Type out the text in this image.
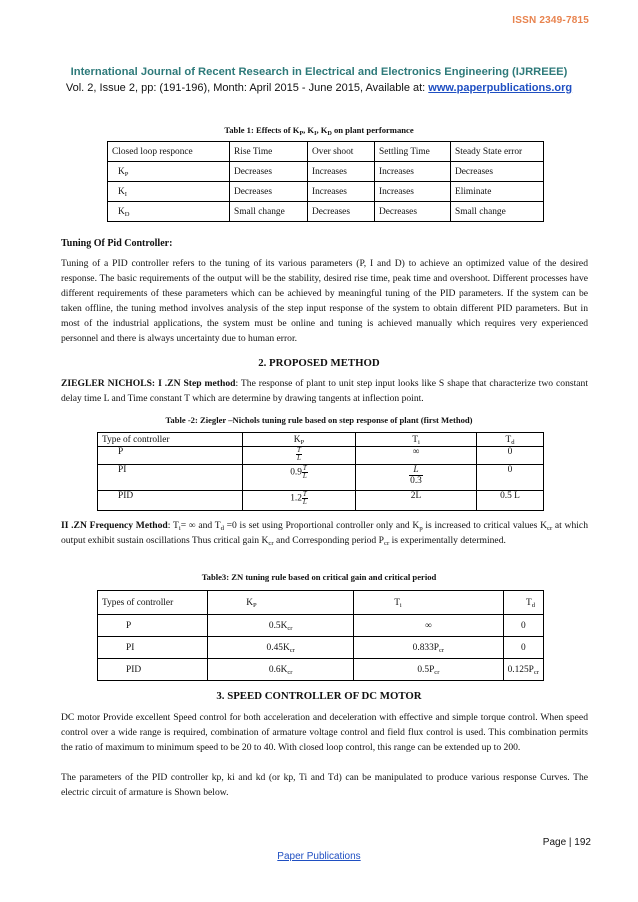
ISSN 2349-7815
International Journal of Recent Research in Electrical and Electronics Engineering (IJRREEE)
Vol. 2, Issue 2, pp: (191-196), Month: April 2015 - June 2015, Available at: www.paperpublications.org
Table 1: Effects of $K_P$, $K_I$, $K_D$ on plant performance
Closed loop responce	Rise Time	Over shoot	Settling Time	Steady State error
$K_P$	Decreases	Increases	Increases	Decreases
$K_I$	Decreases	Increases	Increases	Eliminate
$K_D$	Small change	Decreases	Decreases	Small change
Tuning Of Pid Controller:
Tuning of a PID controller refers to the tuning of its various parameters (P, I and D) to achieve an optimized value of the desired response. The basic requirements of the output will be the stability, desired rise time, peak time and overshoot. Different processes have different requirements of these parameters which can be achieved by meaningful tuning of the PID parameters. If the system can be taken offline, the tuning method involves analysis of the step input response of the system to obtain different PID parameters. But in most of the industrial applications, the system must be online and tuning is achieved manually which requires very experienced personnel and there is always uncertainty due to human error.
2. PROPOSED METHOD
ZIEGLER NICHOLS: I .ZN Step method: The response of plant to unit step input looks like S shape that characterize two constant delay time L and Time constant T which are determine by drawing tangents at inflection point.
Table -2: Ziegler –Nichols tuning rule based on step response of plant (first Method)
Type of controller	$K_P$	$T_i$	$T_d$
P	$\frac{T}{L}$	∞	0
PI	$0.9 \frac{T}{L}$	$\frac{L}{0.3}$	0
PID	$1.2 \frac{T}{L}$	2L	0.5 L
II .ZN Frequency Method: $T_i=$ ∞ and $T_d =0$ is set using Proportional controller only and $K_p$ is increased to critical values $K_{cr}$ at which output exhibit sustain oscillations Thus critical gain $K_{cr}$ and Corresponding period $P_{cr}$ is experimentally determined.
Table3: ZN tuning rule based on critical gain and critical period
Types of controller	$K_P$	$T_i$	$T_d$
P	$0.5K_{cr}$	∞	0
PI	$0.45K_{cr}$	$0.833P_{cr}$	0
PID	$0.6K_{cr}$	$0.5P_{cr}$	$0.125P_{cr}$
3. SPEED CONTROLLER OF DC MOTOR
DC motor Provide excellent Speed control for both acceleration and deceleration with effective and simple torque control. When speed control over a wide range is required, combination of armature voltage control and field flux control is used. This combination permits the ratio of maximum to minimum speed to be 20 to 40. With closed loop control, this range can be extended up to 200.
The parameters of the PID controller kp, ki and kd (or kp, Ti and Td) can be manipulated to produce various response Curves. The electric circuit of armature is Shown below.
Page | 192
Paper Publications
